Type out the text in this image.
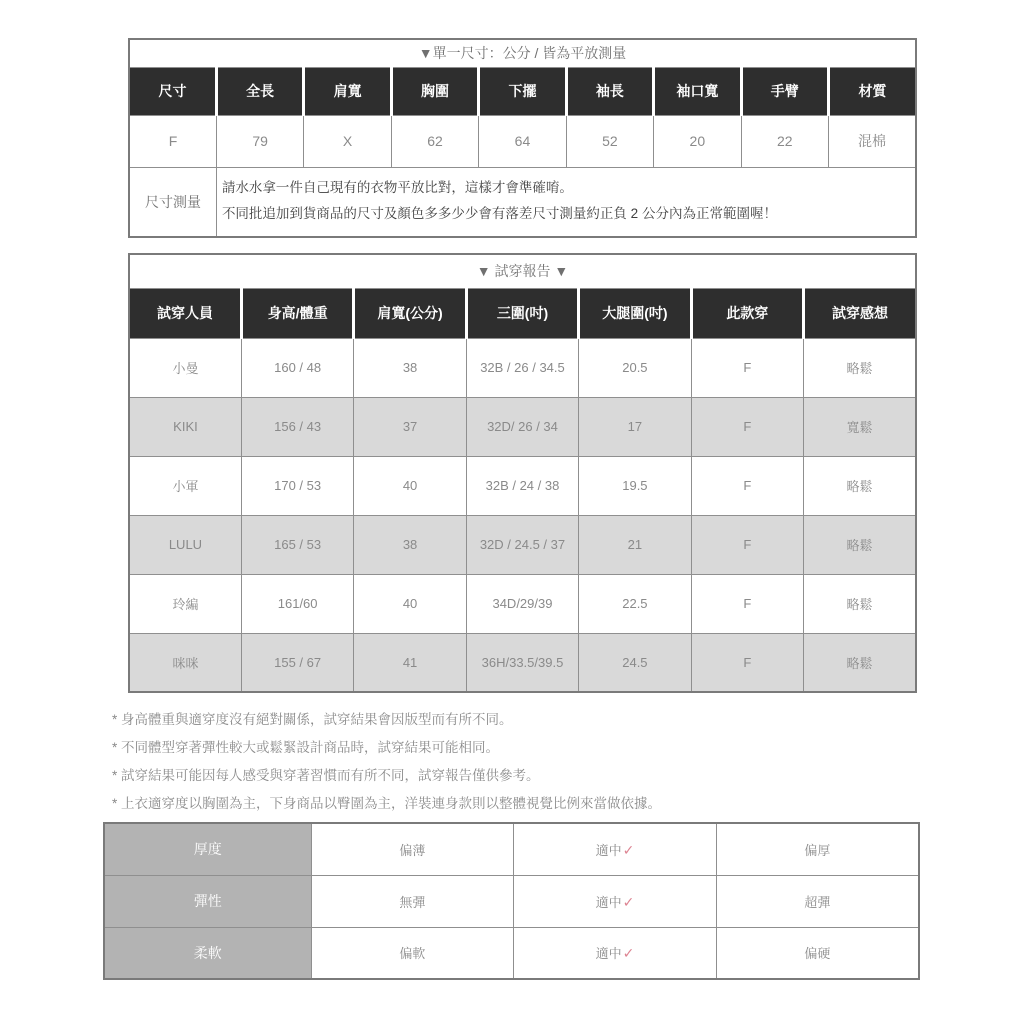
▼單一尺寸：公分 / 皆為平放測量								
尺寸	全長	肩寬	胸圍	下擺	袖長	袖口寬	手臂	材質
F	79	X	62	64	52	20	22	混棉
尺寸測量	請水水拿一件自己現有的衣物平放比對，這樣才會準確唷。
不同批追加到貨商品的尺寸及顏色多多少少會有落差尺寸測量約正負 2 公分內為正常範圍喔！							
▼ 試穿報告 ▼						
試穿人員	身高/體重	肩寬(公分)	三圍(吋)	大腿圍(吋)	此款穿	試穿感想
小曼	160 / 48	38	32B / 26 / 34.5	20.5	F	略鬆
KIKI	156 / 43	37	32D/ 26 / 34	17	F	寬鬆
小軍	170 / 53	40	32B / 24 / 38	19.5	F	略鬆
LULU	165 / 53	38	32D / 24.5 / 37	21	F	略鬆
玲編	161/60	40	34D/29/39	22.5	F	略鬆
咪咪	155 / 67	41	36H/33.5/39.5	24.5	F	略鬆
* 身高體重與適穿度沒有絕對關係，試穿結果會因版型而有所不同。
* 不同體型穿著彈性較大或鬆緊設計商品時，試穿結果可能相同。
* 試穿結果可能因每人感受與穿著習慣而有所不同，試穿報告僅供參考。
* 上衣適穿度以胸圍為主，下身商品以臀圍為主，洋裝連身款則以整體視覺比例來當做依據。
厚度	偏薄	適中✓	偏厚
彈性	無彈	適中✓	超彈
柔軟	偏軟	適中✓	偏硬
